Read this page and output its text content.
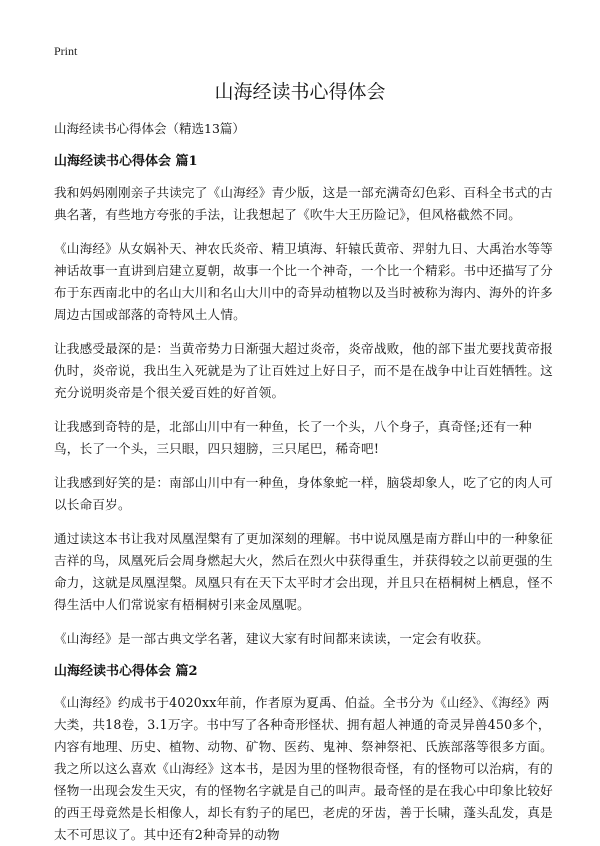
Print
山海经读书心得体会

山海经读书心得体会（精选13篇）

山海经读书心得体会 篇1

我和妈妈刚刚亲子共读完了《山海经》青少版，这是一部充满奇幻色彩、百科全书式的古典名著，有些地方夸张的手法，让我想起了《吹牛大王历险记》，但风格截然不同。

《山海经》从女娲补天、神农氏炎帝、精卫填海、轩辕氏黄帝、羿射九日、大禹治水等等神话故事一直讲到启建立夏朝，故事一个比一个神奇，一个比一个精彩。书中还描写了分布于东西南北中的名山大川和名山大川中的奇异动植物以及当时被称为海内、海外的许多周边古国或部落的奇特风土人情。

让我感受最深的是：当黄帝势力日渐强大超过炎帝，炎帝战败，他的部下蚩尤要找黄帝报仇时，炎帝说，我出生入死就是为了让百姓过上好日子，而不是在战争中让百姓牺牲。这充分说明炎帝是个很关爱百姓的好首领。

让我感到奇特的是，北部山川中有一种鱼，长了一个头，八个身子，真奇怪;还有一种鸟，长了一个头，三只眼，四只翅膀，三只尾巴，稀奇吧!

让我感到好笑的是：南部山川中有一种鱼，身体象蛇一样，脑袋却象人，吃了它的肉人可以长命百岁。

通过读这本书让我对凤凰涅槃有了更加深刻的理解。书中说凤凰是南方群山中的一种象征吉祥的鸟，凤凰死后会周身燃起大火，然后在烈火中获得重生，并获得较之以前更强的生命力，这就是凤凰涅槃。凤凰只有在天下太平时才会出现，并且只在梧桐树上栖息，怪不得生活中人们常说家有梧桐树引来金凤凰呢。

《山海经》是一部古典文学名著，建议大家有时间都来读读，一定会有收获。

山海经读书心得体会 篇2

《山海经》约成书于4020xx年前，作者原为夏禹、伯益。全书分为《山经》、《海经》两大类，共18卷，3.1万字。书中写了各种奇形怪状、拥有超人神通的奇灵异兽450多个，内容有地理、历史、植物、动物、矿物、医药、鬼神、祭神祭祀、氏族部落等很多方面。我之所以这么喜欢《山海经》这本书，是因为里的怪物很奇怪，有的怪物可以治病，有的怪物一出现会发生天灾，有的怪物名字就是自己的叫声。最奇怪的是在我心中印象比较好的西王母竟然是长相像人，却长有豹子的尾巴，老虎的牙齿，善于长啸，蓬头乱发，真是太不可思议了。其中还有2种奇异的动物
